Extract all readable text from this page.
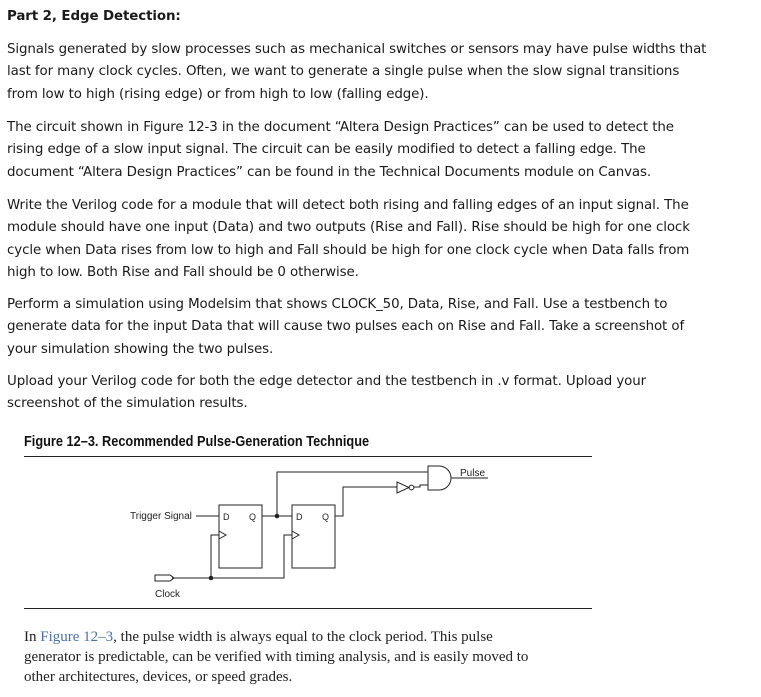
Part 2, Edge Detection:
Signals generated by slow processes such as mechanical switches or sensors may have pulse widths that
last for many clock cycles. Often, we want to generate a single pulse when the slow signal transitions
from low to high (rising edge) or from high to low (falling edge).
The circuit shown in Figure 12-3 in the document “Altera Design Practices” can be used to detect the
rising edge of a slow input signal. The circuit can be easily modified to detect a falling edge. The
document “Altera Design Practices” can be found in the Technical Documents module on Canvas.
Write the Verilog code for a module that will detect both rising and falling edges of an input signal. The
module should have one input (Data) and two outputs (Rise and Fall). Rise should be high for one clock
cycle when Data rises from low to high and Fall should be high for one clock cycle when Data falls from
high to low. Both Rise and Fall should be 0 otherwise.
Perform a simulation using Modelsim that shows CLOCK_50, Data, Rise, and Fall. Use a testbench to
generate data for the input Data that will cause two pulses each on Rise and Fall. Take a screenshot of
your simulation showing the two pulses.
Upload your Verilog code for both the edge detector and the testbench in .v format. Upload your
screenshot of the simulation results.
Figure 12–3. Recommended Pulse-Generation Technique
Trigger Signal
Clock
Pulse
D Q	D Q
In Figure 12–3, the pulse width is always equal to the clock period. This pulse
generator is predictable, can be verified with timing analysis, and is easily moved to
other architectures, devices, or speed grades.
